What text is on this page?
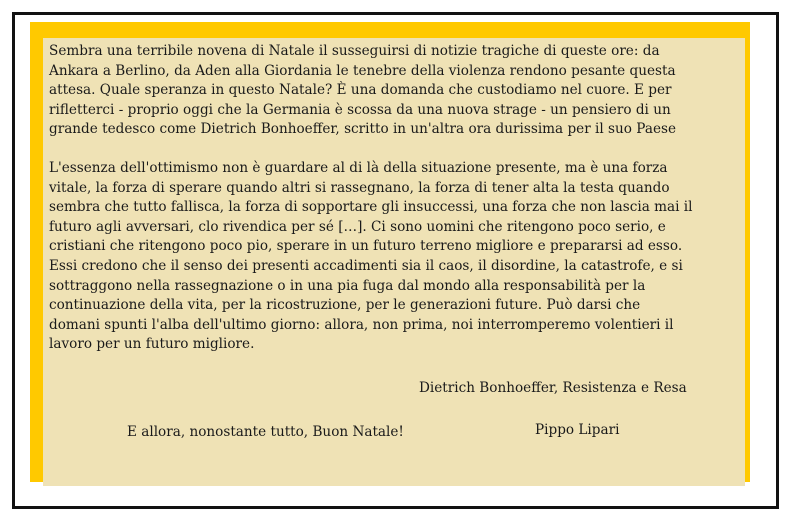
Sembra una terribile novena di Natale il susseguirsi di notizie tragiche di queste ore: da
Ankara a Berlino, da Aden alla Giordania le tenebre della violenza rendono pesante questa
attesa. Quale speranza in questo Natale? È una domanda che custodiamo nel cuore. E per
rifletterci - proprio oggi che la Germania è scossa da una nuova strage - un pensiero di un
grande tedesco come Dietrich Bonhoeffer, scritto in un'altra ora durissima per il suo Paese

L'essenza dell'ottimismo non è guardare al di là della situazione presente, ma è una forza
vitale, la forza di sperare quando altri si rassegnano, la forza di tener alta la testa quando
sembra che tutto fallisca, la forza di sopportare gli insuccessi, una forza che non lascia mai il
futuro agli avversari, clo rivendica per sé […]. Ci sono uomini che ritengono poco serio, e
cristiani che ritengono poco pio, sperare in un futuro terreno migliore e prepararsi ad esso.
Essi credono che il senso dei presenti accadimenti sia il caos, il disordine, la catastrofe, e si
sottraggono nella rassegnazione o in una pia fuga dal mondo alla responsabilità per la
continuazione della vita, per la ricostruzione, per le generazioni future. Può darsi che
domani spunti l'alba dell'ultimo giorno: allora, non prima, noi interromperemo volentieri il
lavoro per un futuro migliore.

Dietrich Bonhoeffer, Resistenza e Resa
E allora, nonostante tutto, Buon Natale!	Pippo Lipari
